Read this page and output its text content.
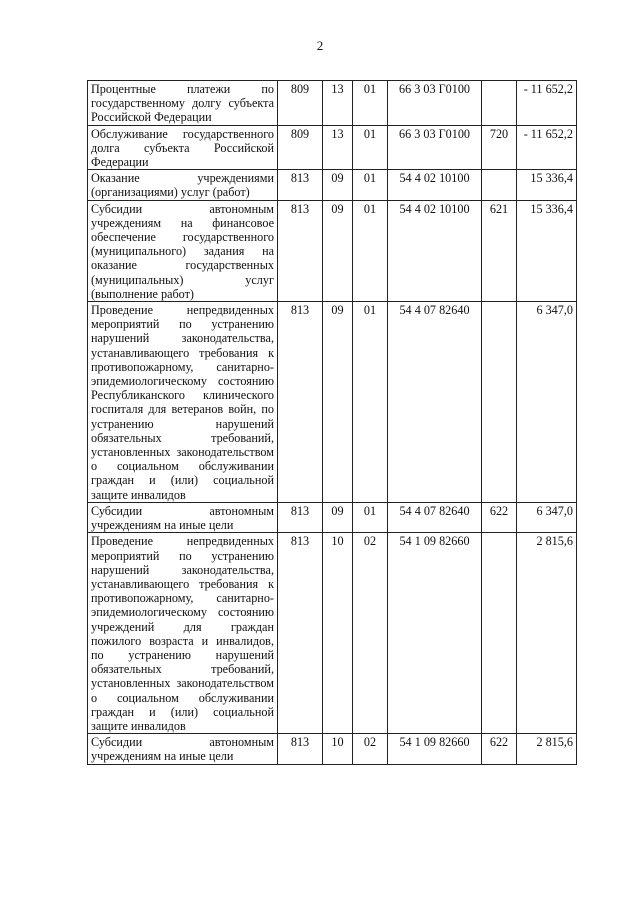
2
Процентные платежи по государственному долгу субъекта Российской Федерации	809	13	01	66 3 03 Г0100		- 11 652,2
Обслуживание государственного долга субъекта Российской Федерации	809	13	01	66 3 03 Г0100	720	- 11 652,2
Оказание учреждениями (организациями) услуг (работ)	813	09	01	54 4 02 10100		15 336,4
Субсидии автономным учреждениям на финансовое обеспечение государственного (муниципального) задания на оказание государственных (муниципальных) услуг (выполнение работ)	813	09	01	54 4 02 10100	621	15 336,4
Проведение непредвиденных мероприятий по устранению нарушений законодательства, устанавливающего требования к противопожарному, санитарно-эпидемиологическому состоянию Республиканского клинического госпиталя для ветеранов войн, по устранению нарушений обязательных требований, установленных законодательством о социальном обслуживании граждан и (или) социальной защите инвалидов	813	09	01	54 4 07 82640		6 347,0
Субсидии автономным учреждениям на иные цели	813	09	01	54 4 07 82640	622	6 347,0
Проведение непредвиденных мероприятий по устранению нарушений законодательства, устанавливающего требования к противопожарному, санитарно-эпидемиологическому состоянию учреждений для граждан пожилого возраста и инвалидов, по устранению нарушений обязательных требований, установленных законодательством о социальном обслуживании граждан и (или) социальной защите инвалидов	813	10	02	54 1 09 82660		2 815,6
Субсидии автономным учреждениям на иные цели	813	10	02	54 1 09 82660	622	2 815,6
